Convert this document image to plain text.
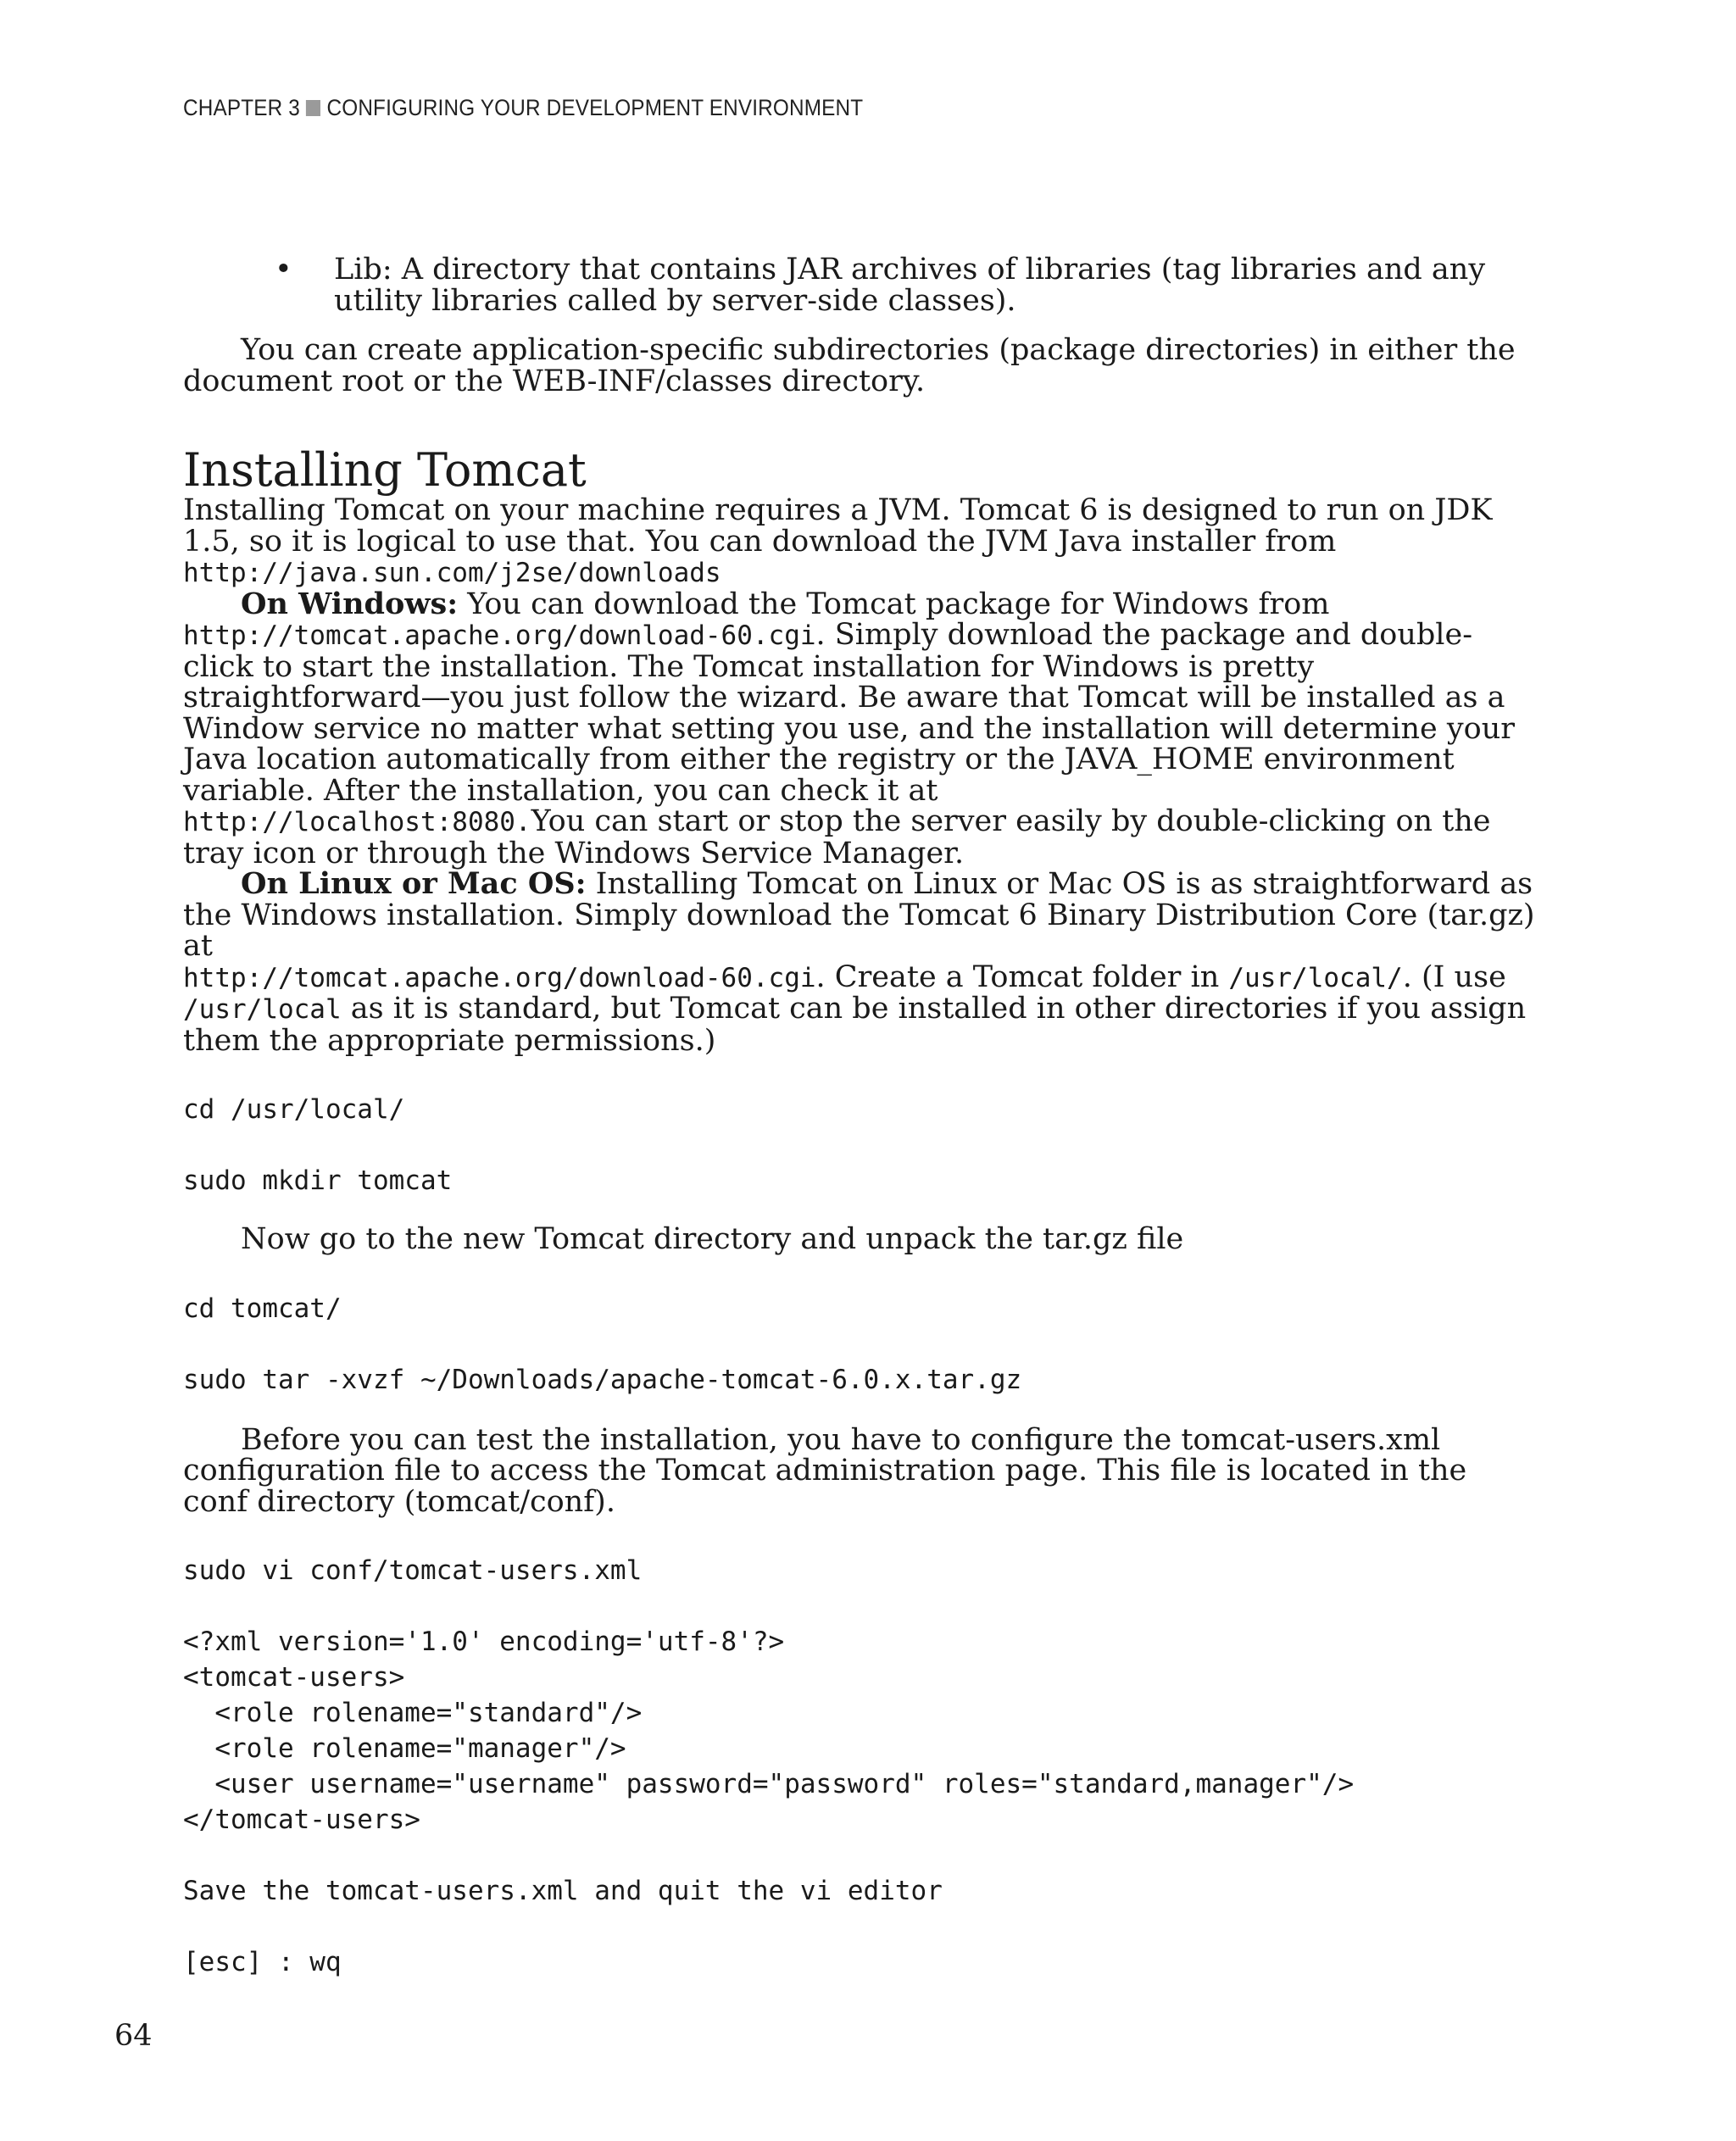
CHAPTER 3 CONFIGURING YOUR DEVELOPMENT ENVIRONMENT
• Lib: A directory that contains JAR archives of libraries (tag libraries and any utility libraries called by server-side classes).

You can create application-specific subdirectories (package directories) in either the document root or the WEB-INF/classes directory.

Installing Tomcat

Installing Tomcat on your machine requires a JVM. Tomcat 6 is designed to run on JDK 1.5, so it is logical to use that. You can download the JVM Java installer from
http://java.sun.com/j2se/downloads

On Windows: You can download the Tomcat package for Windows from
http://tomcat.apache.org/download-60.cgi. Simply download the package and double-click to start the installation. The Tomcat installation for Windows is pretty straightforward—you just follow the wizard. Be aware that Tomcat will be installed as a Window service no matter what setting you use, and the installation will determine your Java location automatically from either the registry or the JAVA_HOME environment variable. After the installation, you can check it at
http://localhost:8080.You can start or stop the server easily by double-clicking on the tray icon or through the Windows Service Manager.

On Linux or Mac OS: Installing Tomcat on Linux or Mac OS is as straightforward as the Windows installation. Simply download the Tomcat 6 Binary Distribution Core (tar.gz) at
http://tomcat.apache.org/download-60.cgi. Create a Tomcat folder in /usr/local/. (I use
/usr/local as it is standard, but Tomcat can be installed in other directories if you assign them the appropriate permissions.)

cd /usr/local/

sudo mkdir tomcat

Now go to the new Tomcat directory and unpack the tar.gz file

cd tomcat/

sudo tar -xvzf ~/Downloads/apache-tomcat-6.0.x.tar.gz

Before you can test the installation, you have to configure the tomcat-users.xml configuration file to access the Tomcat administration page. This file is located in the conf directory (tomcat/conf).

sudo vi conf/tomcat-users.xml

<?xml version='1.0' encoding='utf-8'?>

<tomcat-users>

<role rolename="standard"/>

<role rolename="manager"/>

<user username="username" password="password" roles="standard,manager"/>

</tomcat-users>

Save the tomcat-users.xml and quit the vi editor

[esc] : wq

64
